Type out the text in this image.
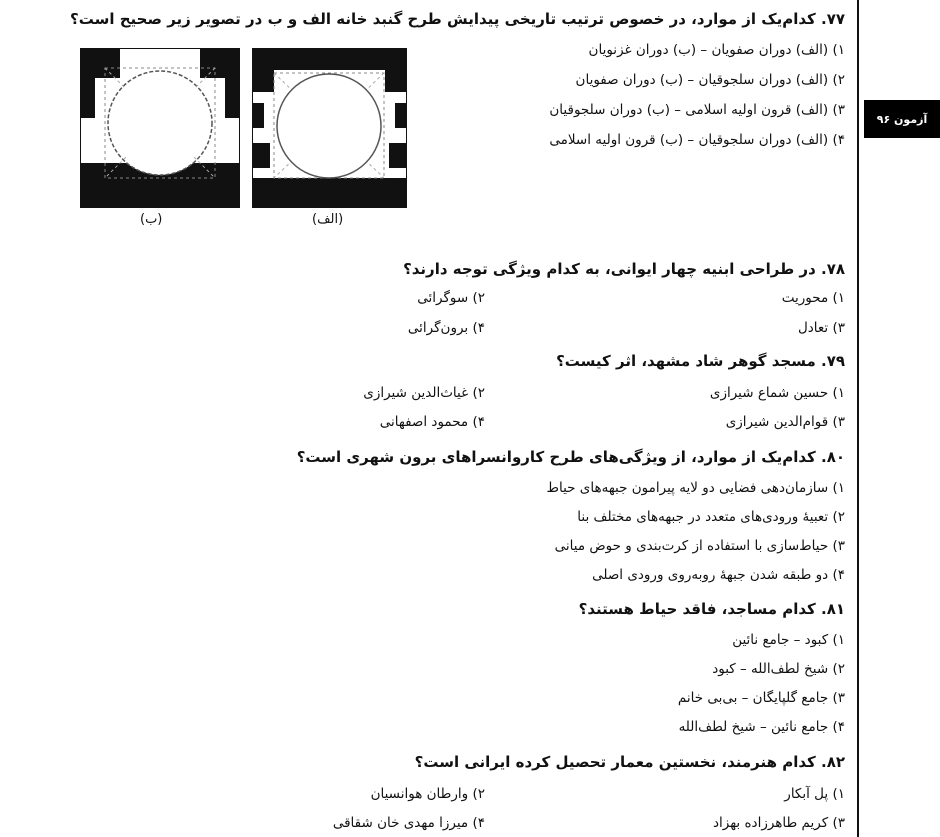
آزمون ۹۶
۷۷. کدام‌یک از موارد، در خصوص ترتیب تاریخی پیدایش طرح گنبد خانه الف و ب در تصویر زیر صحیح است؟
۱) (الف) دوران صفویان – (ب) دوران غزنویان
۲) (الف) دوران سلجوقیان – (ب) دوران صفویان
۳) (الف) قرون اولیه اسلامی – (ب) دوران سلجوقیان
۴) (الف) دوران سلجوقیان – (ب) قرون اولیه اسلامی
(ب)	(الف)
۷۸. در طراحی ابنیه چهار ایوانی، به کدام ویژگی توجه دارند؟
۱) محوریت
۲) سوگرائی
۳) تعادل
۴) برون‌گرائی
۷۹. مسجد گوهر شاد مشهد، اثر کیست؟
۱) حسین شماع شیرازی
۲) غیاث‌الدین شیرازی
۳) قوام‌الدین شیرازی
۴) محمود اصفهانی
۸۰. کدام‌یک از موارد، از ویژگی‌های طرح کاروانسراهای برون شهری است؟
۱) سازمان‌دهی فضایی دو لایه پیرامون جبهه‌های حیاط
۲) تعبیهٔ ورودی‌های متعدد در جبهه‌های مختلف بنا
۳) حیاط‌سازی با استفاده از کرت‌بندی و حوض میانی
۴) دو طبقه شدن جبههٔ روبه‌روی ورودی اصلی
۸۱. کدام مساجد، فاقد حیاط هستند؟
۱) کبود – جامع نائین
۲) شیخ لطف‌الله – کبود
۳) جامع گلپایگان – بی‌بی خانم
۴) جامع نائین – شیخ لطف‌الله
۸۲. کدام هنرمند، نخستین معمار تحصیل کرده ایرانی است؟
۱) پل آبکار
۲) وارطان هوانسیان
۳) کریم طاهرزاده بهزاد
۴) میرزا مهدی خان شقاقی
